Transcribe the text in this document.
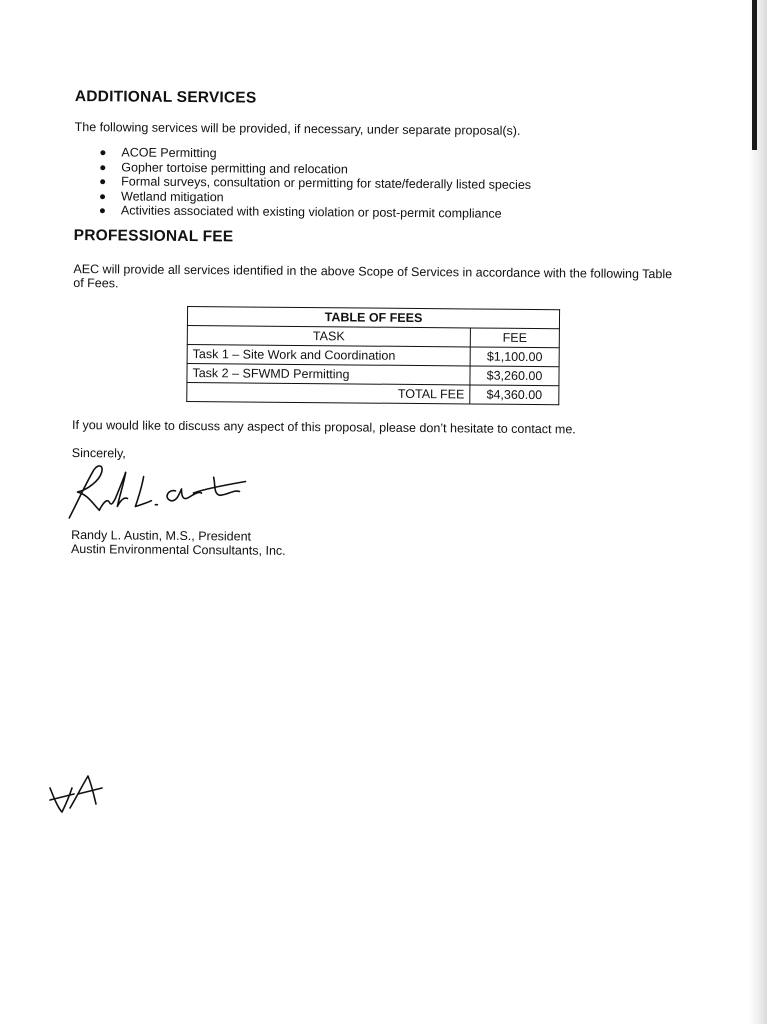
ADDITIONAL SERVICES

The following services will be provided, if necessary, under separate proposal(s).

ACOE Permitting
Gopher tortoise permitting and relocation
Formal surveys, consultation or permitting for state/federally listed species
Wetland mitigation
Activities associated with existing violation or post-permit compliance
PROFESSIONAL FEE

AEC will provide all services identified in the above Scope of Services in accordance with the following Table of Fees.

TABLE OF FEES	
TASK	FEE
Task 1 – Site Work and Coordination	$1,100.00
Task 2 – SFWMD Permitting	$3,260.00
TOTAL FEE	$4,360.00

If you would like to discuss any aspect of this proposal, please don’t hesitate to contact me.

Sincerely,

Randy L. Austin, M.S., President

Austin Environmental Consultants, Inc.
